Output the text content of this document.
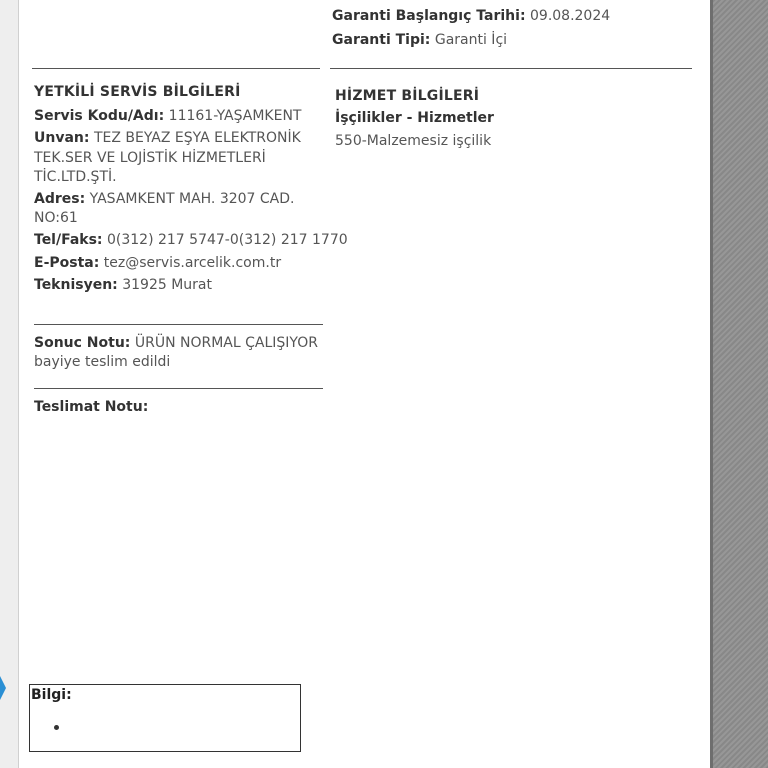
Garanti Başlangıç Tarihi: 09.08.2024
Garanti Tipi: Garanti İçi
YETKİLİ SERVİS BİLGİLERİ
Servis Kodu/Adı: 11161-YAŞAMKENT
Unvan: TEZ BEYAZ EŞYA ELEKTRONİK
TEK.SER VE LOJİSTİK HİZMETLERİ
TİC.LTD.ŞTİ.
Adres: YASAMKENT MAH. 3207 CAD.
NO:61
Tel/Faks: 0(312) 217 5747-0(312) 217 1770
E-Posta: tez@servis.arcelik.com.tr
Teknisyen: 31925 Murat
Sonuc Notu: ÜRÜN NORMAL ÇALIŞIYOR
bayiye teslim edildi
Teslimat Notu:
HİZMET BİLGİLERİ
İşçilikler - Hizmetler
550-Malzemesiz işçilik
Bilgi:
